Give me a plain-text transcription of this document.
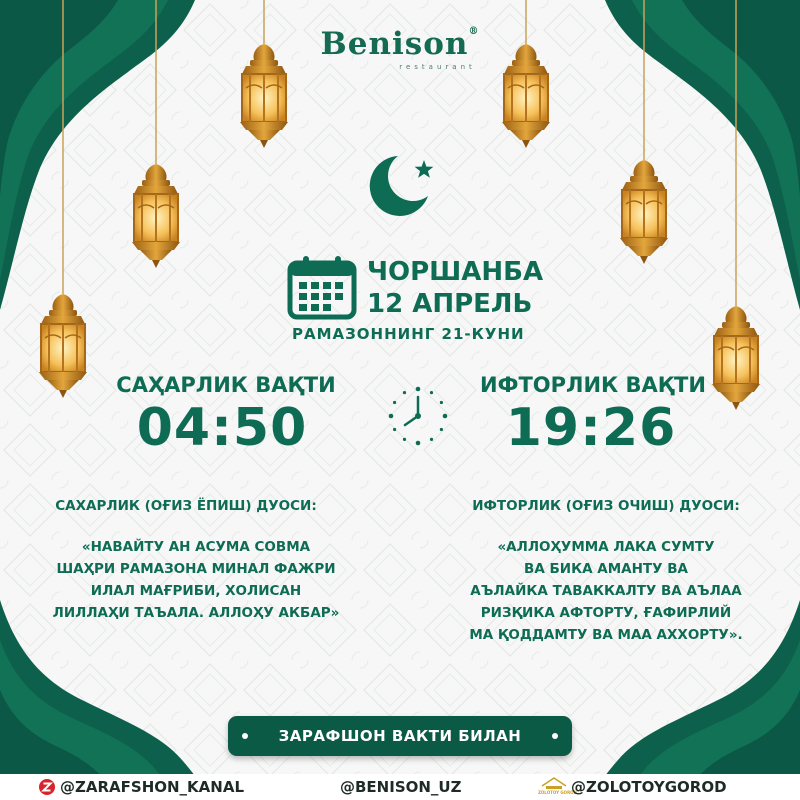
Benison®
restaurant
ЧОРШАНБА
12 АПРЕЛЬ
РАМАЗОННИНГ 21-КУНИ
САҲАРЛИК ВАҚТИ
04:50
ИФТОРЛИК ВАҚТИ
19:26
САХАРЛИК (ОҒИЗ ЁПИШ) ДУОСИ:
«НАВАЙТУ АН АСУМА СОВМА
ШАҲРИ РАМАЗОНА МИНАЛ ФАЖРИ
ИЛАЛ МАҒРИБИ, ХОЛИСАН
ЛИЛЛАҲИ ТАЪАЛА. АЛЛОҲУ АКБАР»
ИФТОРЛИК (ОҒИЗ ОЧИШ) ДУОСИ:
«АЛЛОҲУММА ЛАКА СУМТУ
ВА БИКА АМАНТУ ВА
АЪЛАЙКА ТАВАККАЛТУ ВА АЪЛАА
РИЗҚИКА АФТОРТУ, ҒАФИРЛИЙ
МА ҚОДДАМТУ ВА МАА АХХОРТУ».
ЗАРАФШОН ВАКТИ БИЛАН
@ZARAFSHON_KANAL	@BENISON_UZ	ZOLOTOY GOROD
@ZOLOTOYGOROD
